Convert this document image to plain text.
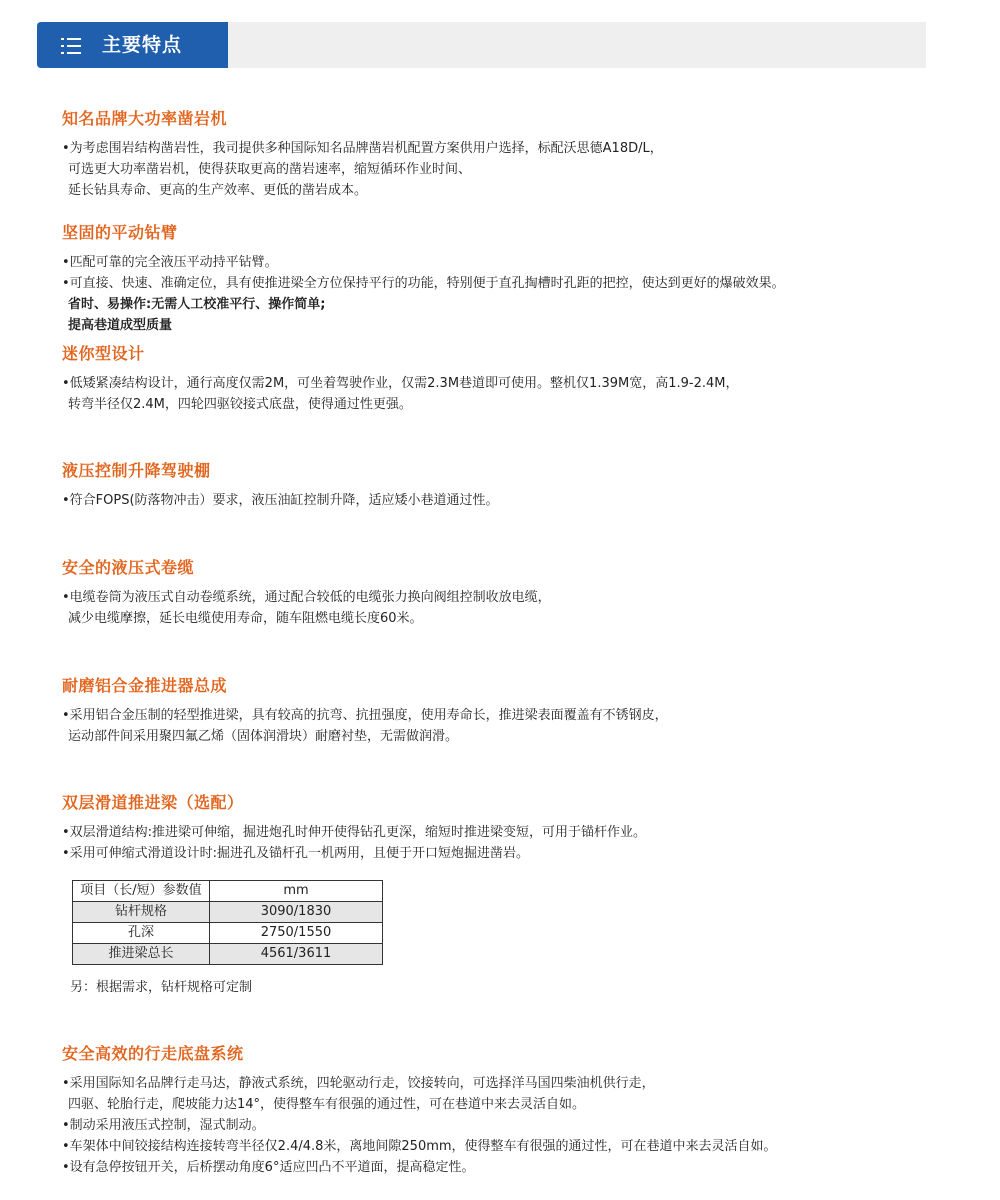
主要特点
知名品牌大功率凿岩机

•为考虑围岩结构凿岩性，我司提供多种国际知名品牌凿岩机配置方案供用户选择，标配沃思德A18D/L，

可选更大功率凿岩机，使得获取更高的凿岩速率，缩短循环作业时间、

延长钻具寿命、更高的生产效率、更低的凿岩成本。

坚固的平动钻臂

•匹配可靠的完全液压平动持平钻臂。

•可直接、快速、准确定位，具有使推进梁全方位保持平行的功能，特别便于直孔掏槽时孔距的把控，使达到更好的爆破效果。

省时、易操作:无需人工校准平行、操作简单;

提高巷道成型质量

迷你型设计

•低矮紧凑结构设计，通行高度仅需2M，可坐着驾驶作业，仅需2.3M巷道即可使用。整机仅1.39M宽，高1.9-2.4M，

转弯半径仅2.4M，四轮四驱铰接式底盘，使得通过性更强。

液压控制升降驾驶棚

•符合FOPS(防落物冲击）要求，液压油缸控制升降，适应矮小巷道通过性。

安全的液压式卷缆

•电缆卷筒为液压式自动卷缆系统，通过配合较低的电缆张力换向阀组控制收放电缆，

减少电缆摩擦，延长电缆使用寿命，随车阻燃电缆长度60米。

耐磨铝合金推进器总成

•采用铝合金压制的轻型推进梁，具有较高的抗弯、抗扭强度，使用寿命长，推进梁表面覆盖有不锈钢皮，

运动部件间采用聚四氟乙烯（固体润滑块）耐磨衬垫，无需做润滑。

双层滑道推进梁（选配）

•双层滑道结构:推进梁可伸缩，掘进炮孔时伸开使得钻孔更深，缩短时推进梁变短，可用于锚杆作业。

•采用可伸缩式滑道设计时:掘进孔及锚杆孔一机两用，且便于开口短炮掘进凿岩。

项目（长/短）参数值	mm
钻杆规格	3090/1830
孔深	2750/1550
推进梁总长	4561/3611
另：根据需求，钻杆规格可定制
安全高效的行走底盘系统

•采用国际知名品牌行走马达，静液式系统，四轮驱动行走，饺接转向，可选择洋马国四柴油机供行走，

四驱、轮胎行走，爬坡能力达14°，使得整车有很强的通过性，可在巷道中来去灵活自如。

•制动采用液压式控制，湿式制动。

•车架体中间铰接结构连接转弯半径仅2.4/4.8米，离地间隙250mm，使得整车有很强的通过性，可在巷道中来去灵活自如。

•设有急停按钮开关，后桥摆动角度6°适应凹凸不平道面，提高稳定性。
